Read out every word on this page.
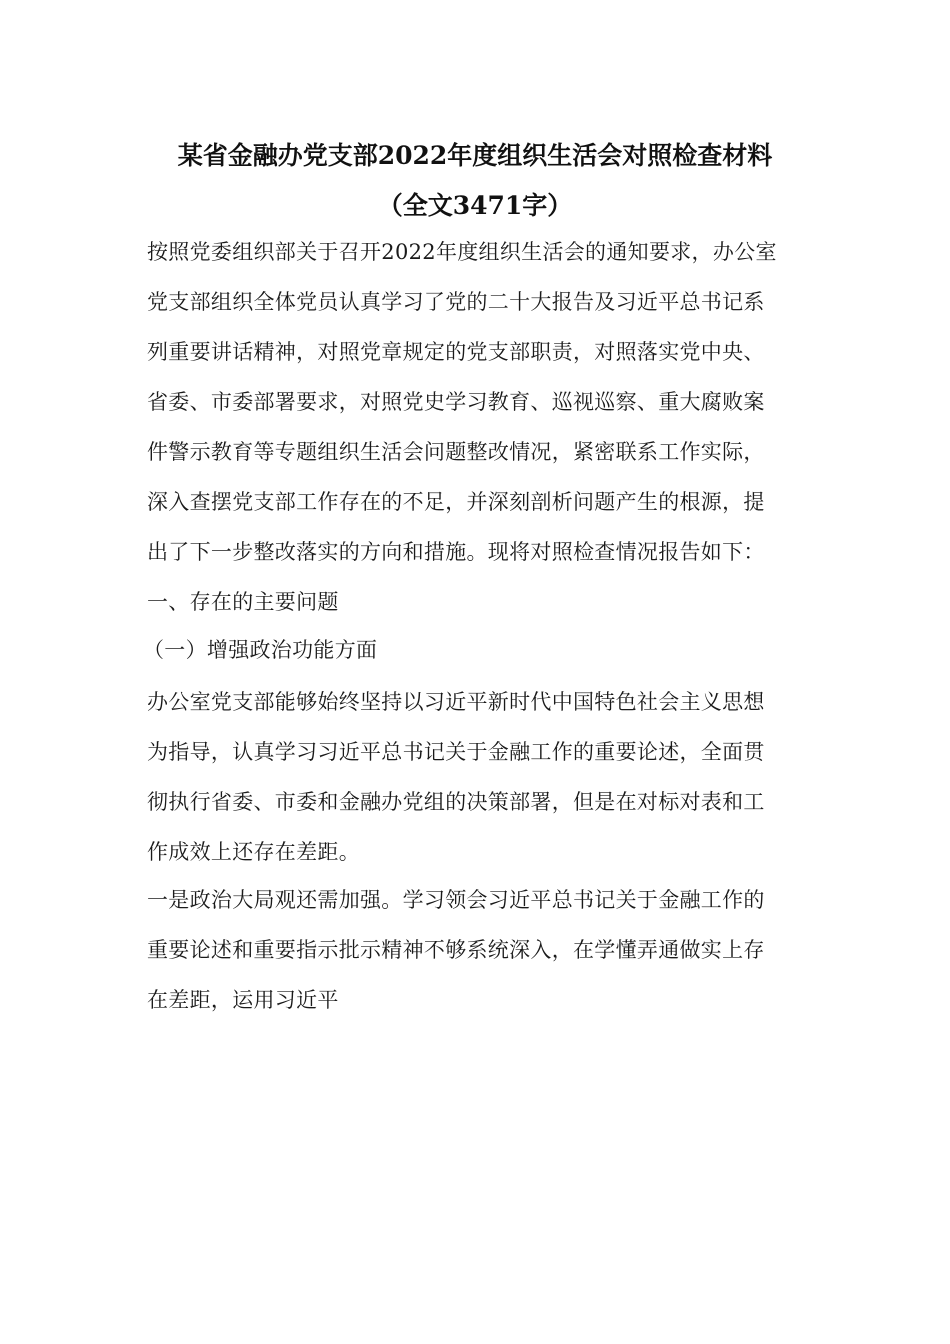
某省金融办党支部2022年度组织生活会对照检查材料
（全文3471字）
按照党委组织部关于召开2022年度组织生活会的通知要求，办公室
党支部组织全体党员认真学习了党的二十大报告及习近平总书记系
列重要讲话精神，对照党章规定的党支部职责，对照落实党中央、
省委、市委部署要求，对照党史学习教育、巡视巡察、重大腐败案
件警示教育等专题组织生活会问题整改情况，紧密联系工作实际，
深入查摆党支部工作存在的不足，并深刻剖析问题产生的根源，提
出了下一步整改落实的方向和措施。现将对照检查情况报告如下：
一、存在的主要问题
（一）增强政治功能方面
办公室党支部能够始终坚持以习近平新时代中国特色社会主义思想
为指导，认真学习习近平总书记关于金融工作的重要论述，全面贯
彻执行省委、市委和金融办党组的决策部署，但是在对标对表和工
作成效上还存在差距。
一是政治大局观还需加强。学习领会习近平总书记关于金融工作的
重要论述和重要指示批示精神不够系统深入，在学懂弄通做实上存
在差距，运用习近平
